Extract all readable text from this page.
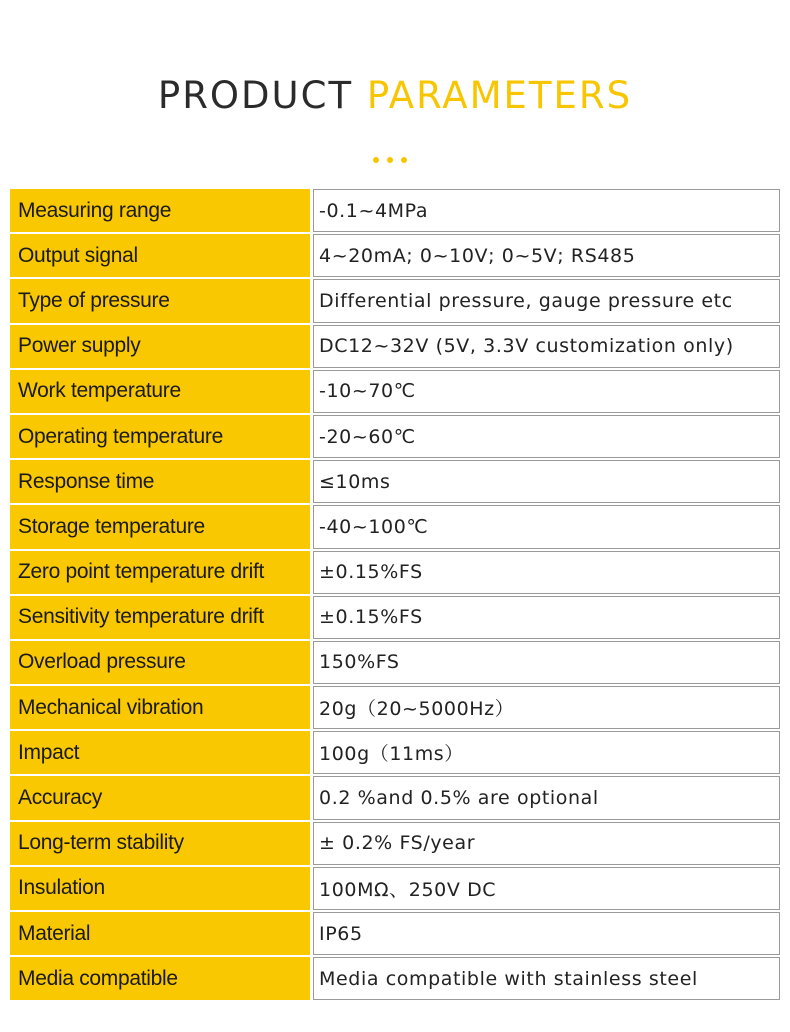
PRODUCT PARAMETERS
Measuring range	-0.1~4MPa
Output signal	4~20mA; 0~10V; 0~5V; RS485
Type of pressure	Differential pressure, gauge pressure etc
Power supply	DC12~32V (5V, 3.3V customization only)
Work temperature	-10~70℃
Operating temperature	-20~60℃
Response time	≤10ms
Storage temperature	-40~100℃
Zero point temperature drift	±0.15%FS
Sensitivity temperature drift	±0.15%FS
Overload pressure	150%FS
Mechanical vibration	20g（20~5000Hz）
Impact	100g（11ms）
Accuracy	0.2 %and 0.5% are optional
Long-term stability	± 0.2% FS/year
Insulation	100MΩ、250V DC
Material	IP65
Media compatible	Media compatible with stainless steel
